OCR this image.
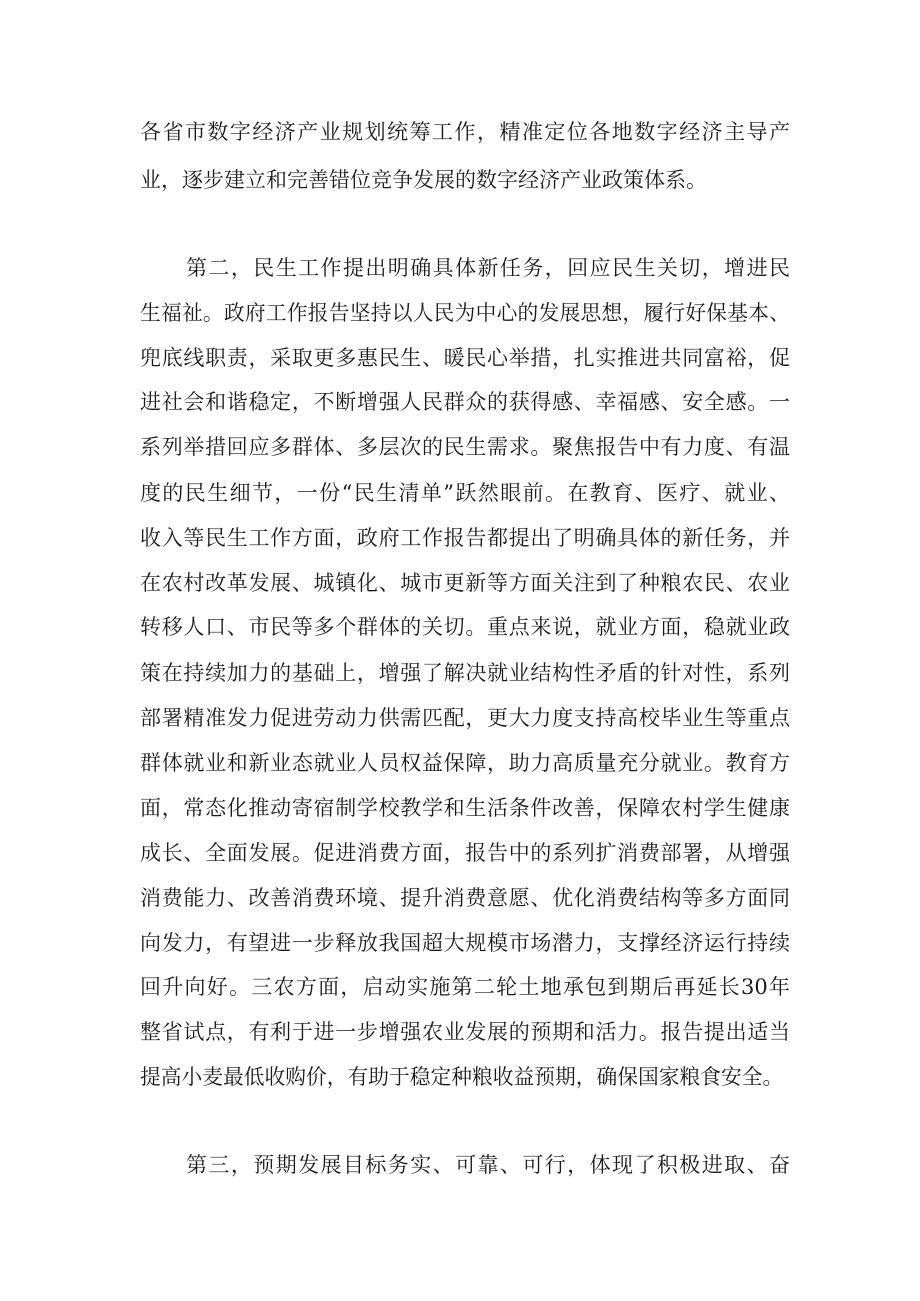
各省市数字经济产业规划统筹工作，精准定位各地数字经济主导产
业，逐步建立和完善错位竞争发展的数字经济产业政策体系。
第二，民生工作提出明确具体新任务，回应民生关切，增进民
生福祉。政府工作报告坚持以人民为中心的发展思想，履行好保基本、
兜底线职责，采取更多惠民生、暖民心举措，扎实推进共同富裕，促
进社会和谐稳定，不断增强人民群众的获得感、幸福感、安全感。一
系列举措回应多群体、多层次的民生需求。聚焦报告中有力度、有温
度的民生细节，一份“民生清单”跃然眼前。在教育、医疗、就业、
收入等民生工作方面，政府工作报告都提出了明确具体的新任务，并
在农村改革发展、城镇化、城市更新等方面关注到了种粮农民、农业
转移人口、市民等多个群体的关切。重点来说，就业方面，稳就业政
策在持续加力的基础上，增强了解决就业结构性矛盾的针对性，系列
部署精准发力促进劳动力供需匹配，更大力度支持高校毕业生等重点
群体就业和新业态就业人员权益保障，助力高质量充分就业。教育方
面，常态化推动寄宿制学校教学和生活条件改善，保障农村学生健康
成长、全面发展。促进消费方面，报告中的系列扩消费部署，从增强
消费能力、改善消费环境、提升消费意愿、优化消费结构等多方面同
向发力，有望进一步释放我国超大规模市场潜力，支撑经济运行持续
回升向好。三农方面，启动实施第二轮土地承包到期后再延长30年
整省试点，有利于进一步增强农业发展的预期和活力。报告提出适当
提高小麦最低收购价，有助于稳定种粮收益预期，确保国家粮食安全。
第三，预期发展目标务实、可靠、可行，体现了积极进取、奋
